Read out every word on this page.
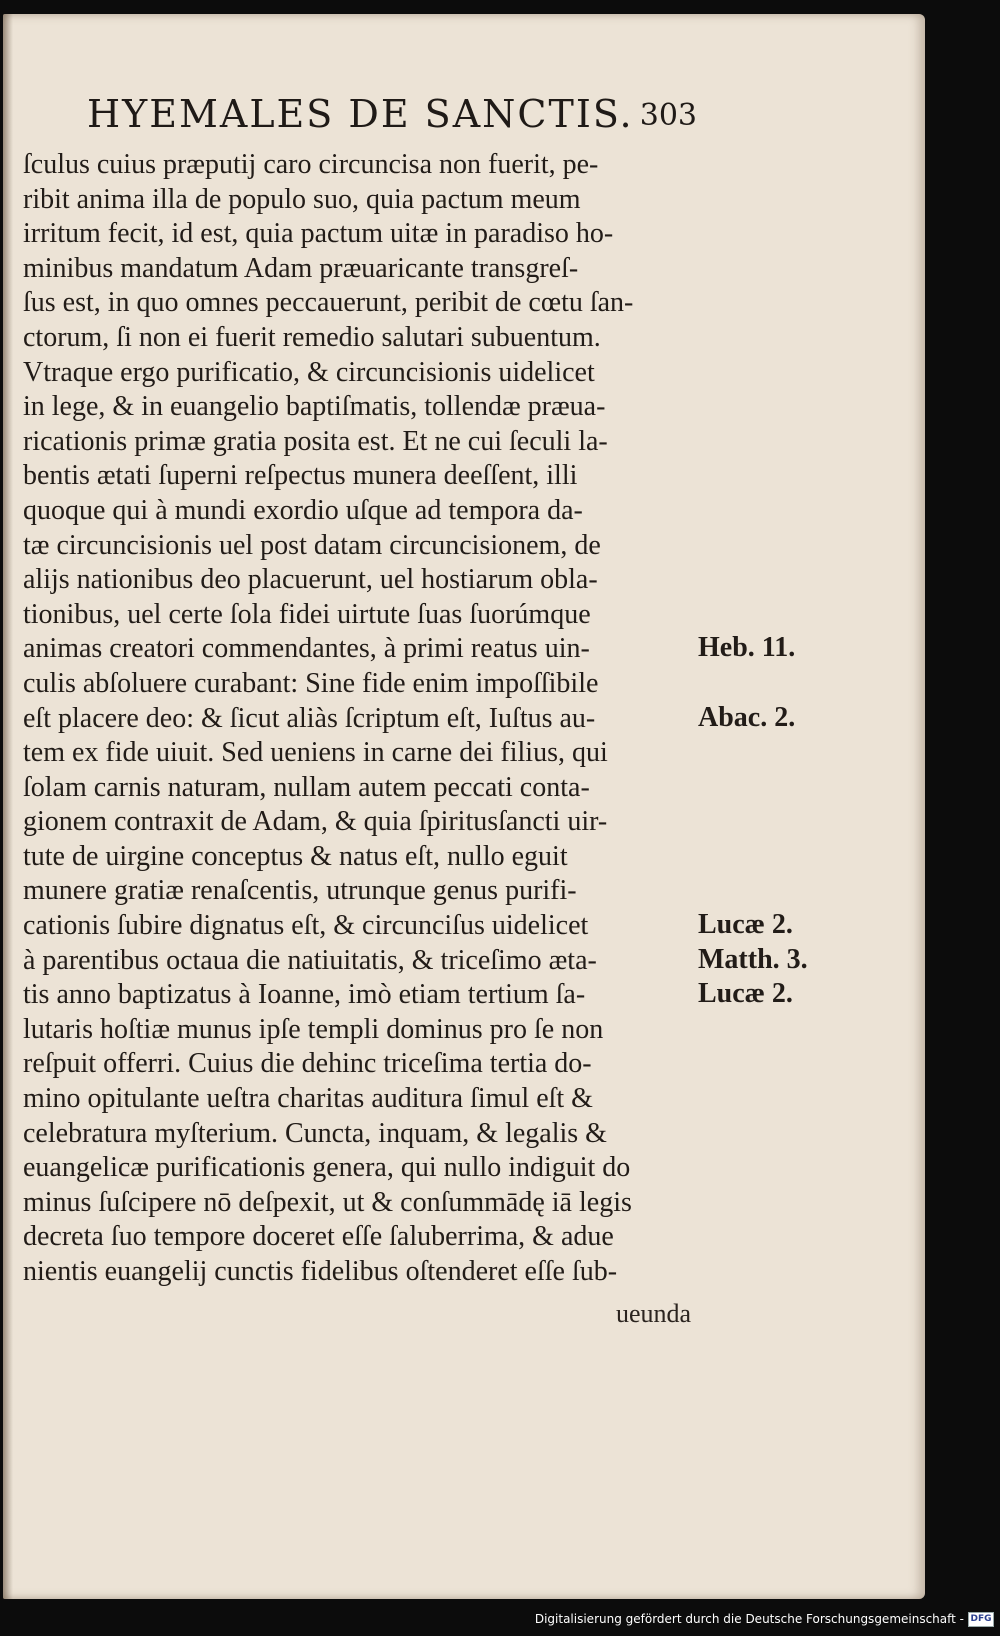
HYEMALES DE SANCTIS. 303
ſculus cuius præputij caro circuncisa non fuerit, pe-
ribit anima illa de populo suo, quia pactum meum
irritum fecit, id est, quia pactum uitæ in paradiso ho-
minibus mandatum Adam præuaricante transgreſ-
ſus est, in quo omnes peccauerunt, peribit de cœtu ſan-
ctorum, ſi non ei fuerit remedio salutari subuentum.
Vtraque ergo purificatio, & circuncisionis uidelicet
in lege, & in euangelio baptiſmatis, tollendæ præua-
ricationis primæ gratia posita est. Et ne cui ſeculi la-
bentis ætati ſuperni reſpectus munera deeſſent, illi
quoque qui à mundi exordio uſque ad tempora da-
tæ circuncisionis uel post datam circuncisionem, de
alijs nationibus deo placuerunt, uel hostiarum obla-
tionibus, uel certe ſola fidei uirtute ſuas ſuorúmque
animas creatori commendantes, à primi reatus uin-
culis abſoluere curabant: Sine fide enim impoſſibile
eſt placere deo: & ſicut aliàs ſcriptum eſt, Iuſtus au-
tem ex fide uiuit. Sed ueniens in carne dei filius, qui
ſolam carnis naturam, nullam autem peccati conta-
gionem contraxit de Adam, & quia ſpiritusſancti uir-
tute de uirgine conceptus & natus eſt, nullo eguit
munere gratiæ renaſcentis, utrunque genus purifi-
cationis ſubire dignatus eſt, & circunciſus uidelicet
à parentibus octaua die natiuitatis, & triceſimo æta-
tis anno baptizatus à Ioanne, imò etiam tertium ſa-
lutaris hoſtiæ munus ipſe templi dominus pro ſe non
reſpuit offerri. Cuius die dehinc triceſima tertia do-
mino opitulante ueſtra charitas auditura ſimul eſt &
celebratura myſterium. Cuncta, inquam, & legalis &
euangelicæ purificationis genera, qui nullo indiguit do
minus ſuſcipere nō deſpexit, ut & conſummādę iā legis
decreta ſuo tempore doceret eſſe ſaluberrima, & adue
nientis euangelij cunctis fidelibus oſtenderet eſſe ſub-
Heb. 11.
Abac. 2.
Lucæ 2.
Matth. 3.
Lucæ 2.
ueunda
Digitalisierung gefördert durch die Deutsche Forschungsgemeinschaft - DFG
